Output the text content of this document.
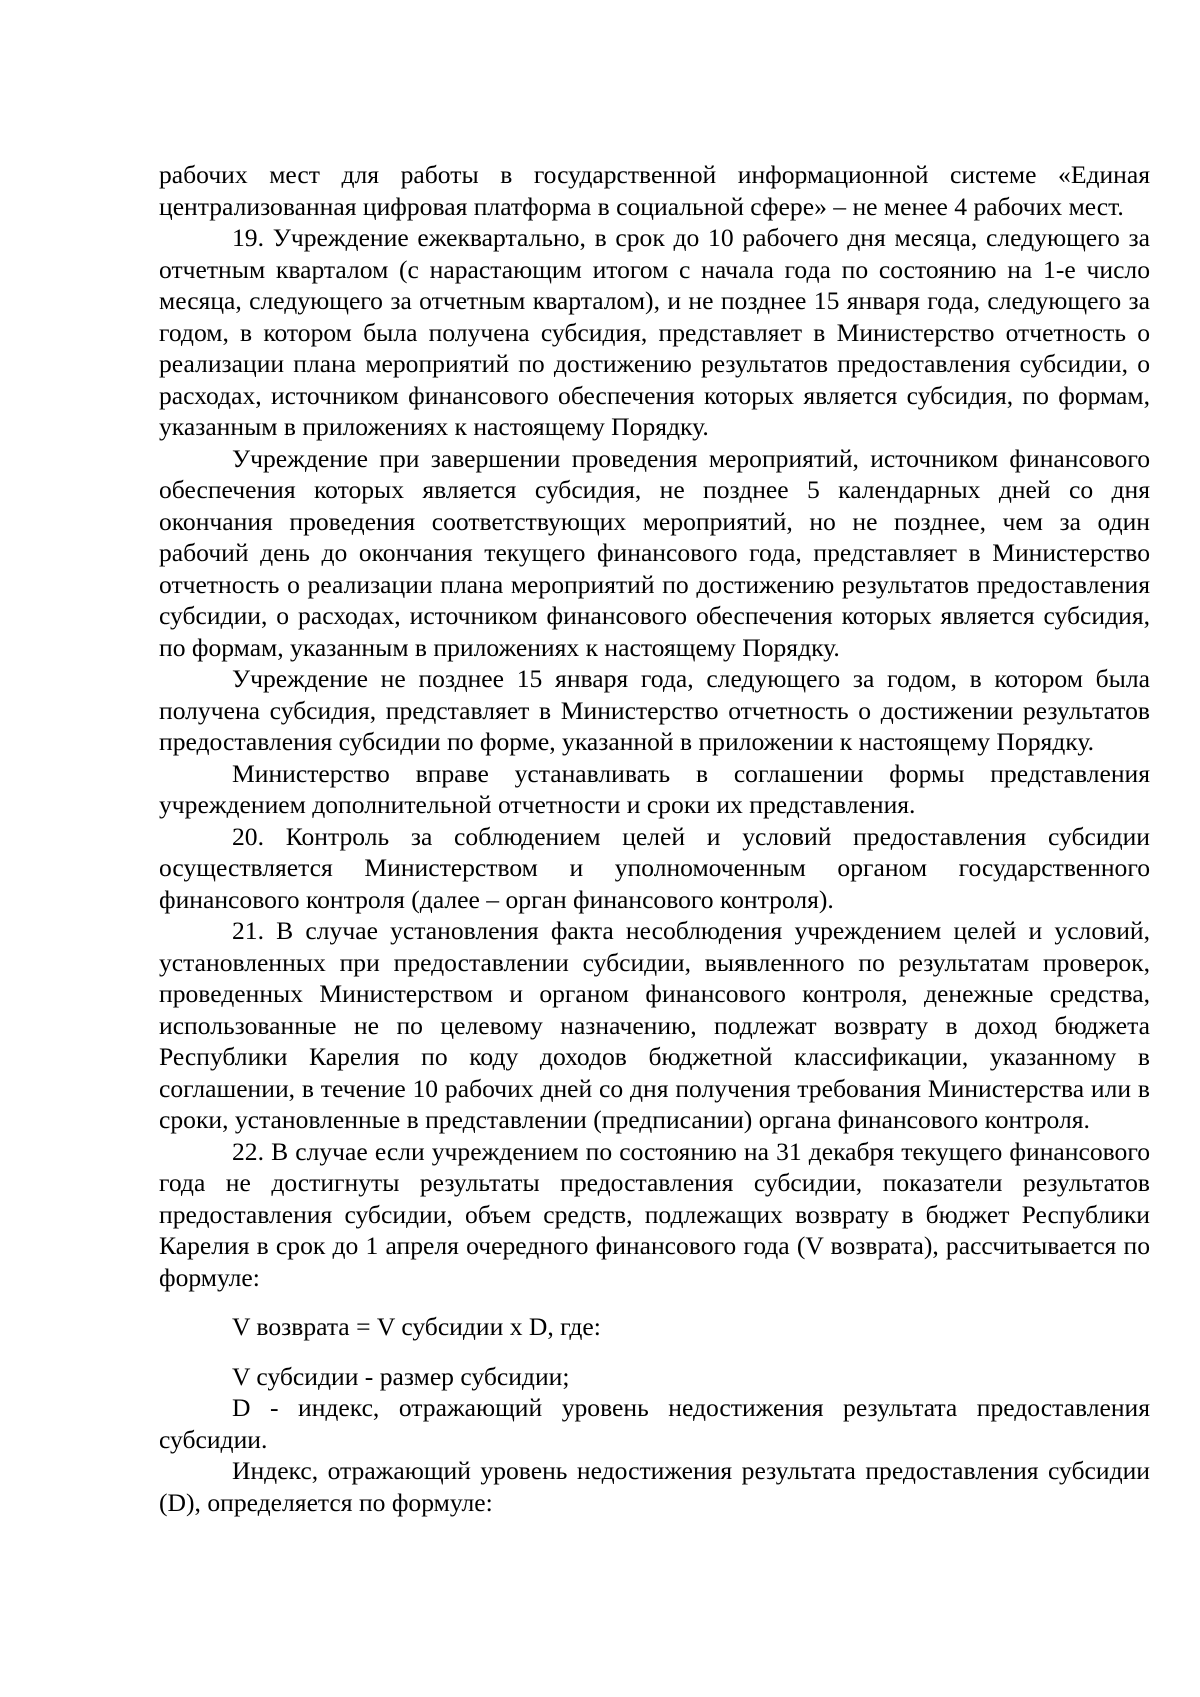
рабочих мест для работы в государственной информационной системе «Единая централизованная цифровая платформа в социальной сфере» – не менее 4 рабочих мест.

19. Учреждение ежеквартально, в срок до 10 рабочего дня месяца, следующего за отчетным кварталом (с нарастающим итогом с начала года по состоянию на 1-е число месяца, следующего за отчетным кварталом), и не позднее 15 января года, следующего за годом, в котором была получена субсидия, представляет в Министерство отчетность о реализации плана мероприятий по достижению результатов предоставления субсидии, о расходах, источником финансового обеспечения которых является субсидия, по формам, указанным в приложениях к настоящему Порядку.

Учреждение при завершении проведения мероприятий, источником финансового обеспечения которых является субсидия, не позднее 5 календарных дней со дня окончания проведения соответствующих мероприятий, но не позднее, чем за один рабочий день до окончания текущего финансового года, представляет в Министерство отчетность о реализации плана мероприятий по достижению результатов предоставления субсидии, о расходах, источником финансового обеспечения которых является субсидия, по формам, указанным в приложениях к настоящему Порядку.

Учреждение не позднее 15 января года, следующего за годом, в котором была получена субсидия, представляет в Министерство отчетность о достижении результатов предоставления субсидии по форме, указанной в приложении к настоящему Порядку.

Министерство вправе устанавливать в соглашении формы представления учреждением дополнительной отчетности и сроки их представления.

20. Контроль за соблюдением целей и условий предоставления субсидии осуществляется Министерством и уполномоченным органом государственного финансового контроля (далее – орган финансового контроля).

21. В случае установления факта несоблюдения учреждением целей и условий, установленных при предоставлении субсидии, выявленного по результатам проверок, проведенных Министерством и органом финансового контроля, денежные средства, использованные не по целевому назначению, подлежат возврату в доход бюджета Республики Карелия по коду доходов бюджетной классификации, указанному в соглашении, в течение 10 рабочих дней со дня получения требования Министерства или в сроки, установленные в представлении (предписании) органа финансового контроля.

22. В случае если учреждением по состоянию на 31 декабря текущего финансового года не достигнуты результаты предоставления субсидии, показатели результатов предоставления субсидии, объем средств, подлежащих возврату в бюджет Республики Карелия в срок до 1 апреля очередного финансового года (V возврата), рассчитывается по формуле:

V возврата = V субсидии x D, где:

V субсидии - размер субсидии;

D - индекс, отражающий уровень недостижения результата предоставления субсидии.

Индекс, отражающий уровень недостижения результата предоставления субсидии (D), определяется по формуле:
